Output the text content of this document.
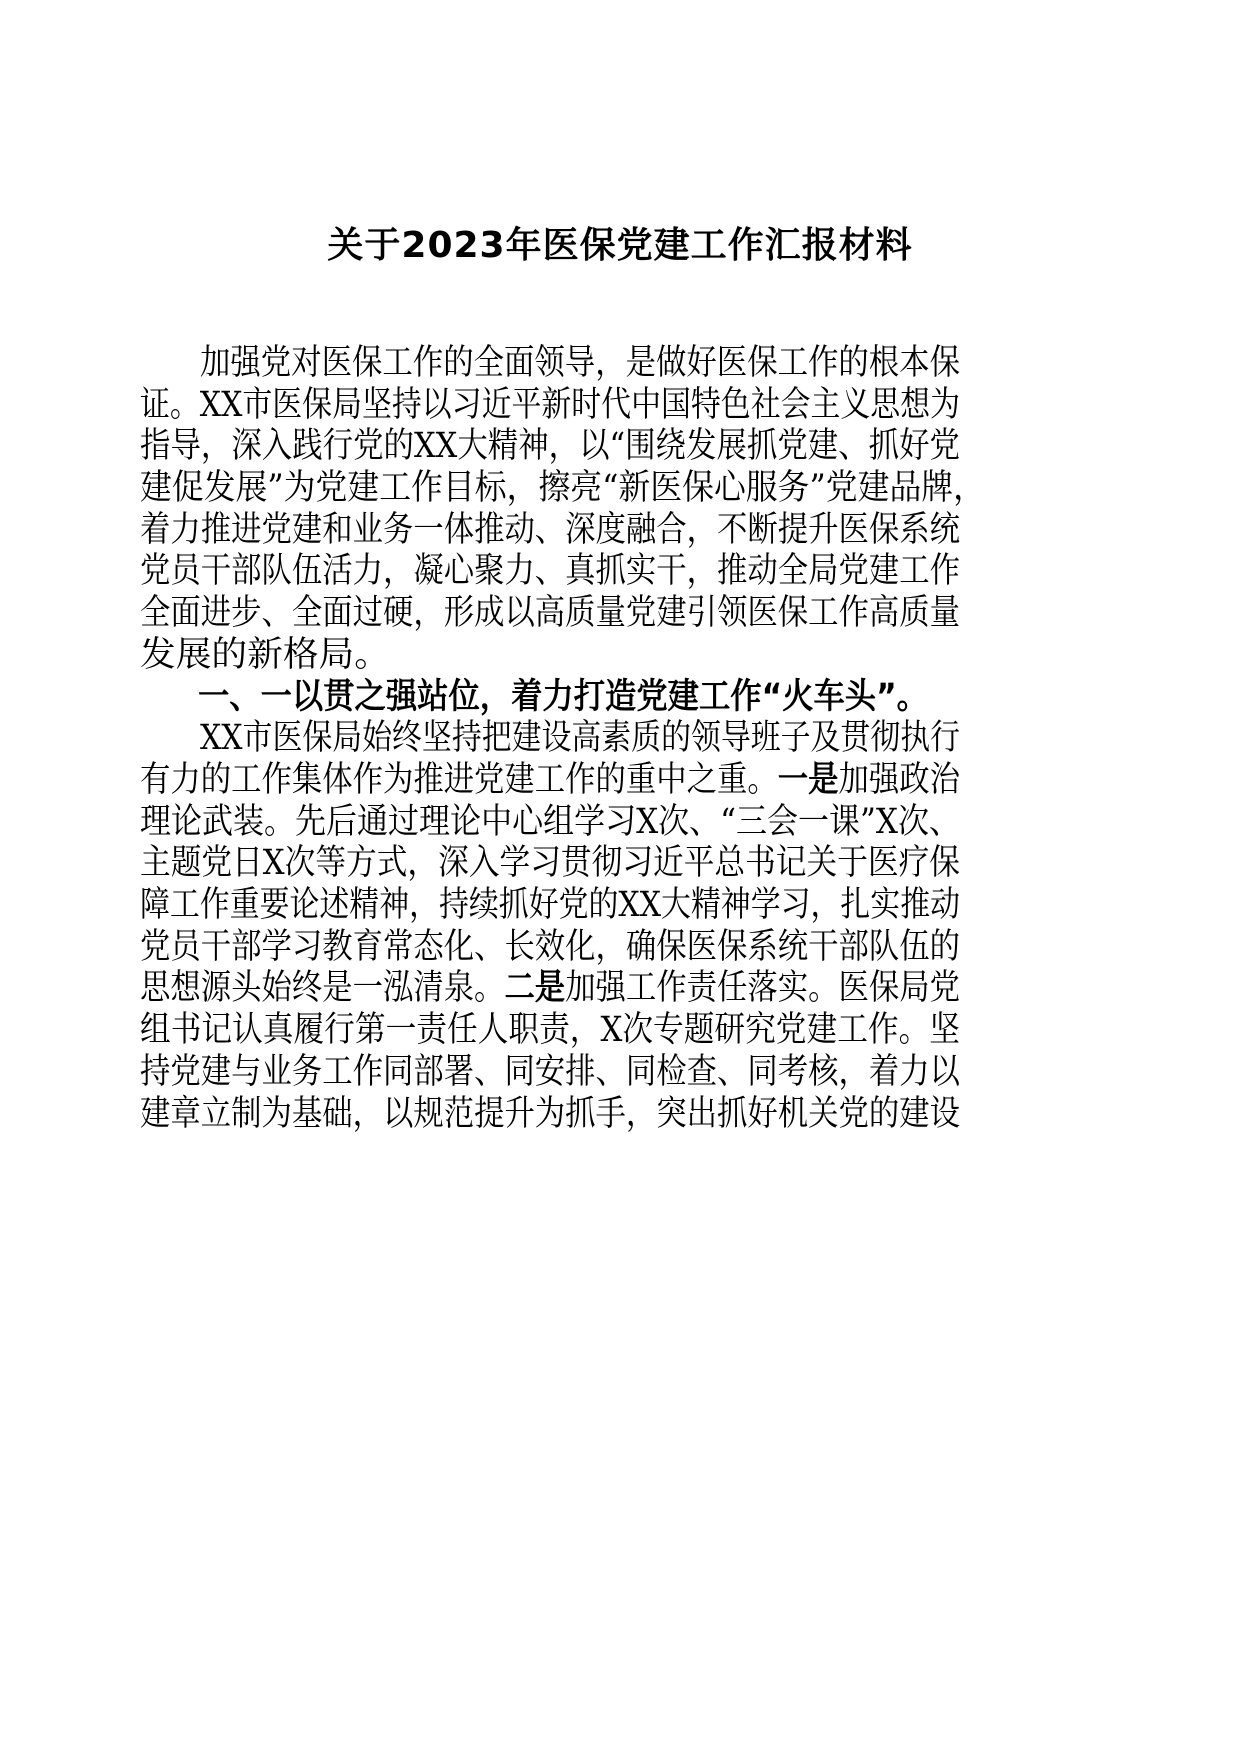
关于2023年医保党建工作汇报材料
加强党对医保工作的全面领导，是做好医保工作的根本保
证。XX市医保局坚持以习近平新时代中国特色社会主义思想为
指导，深入践行党的XX大精神，以“围绕发展抓党建、抓好党
建促发展”为党建工作目标，擦亮“新医保心服务”党建品牌，
着力推进党建和业务一体推动、深度融合，不断提升医保系统
党员干部队伍活力，凝心聚力、真抓实干，推动全局党建工作
全面进步、全面过硬，形成以高质量党建引领医保工作高质量
发展的新格局。
一、一以贯之强站位，着力打造党建工作“火车头”。
XX市医保局始终坚持把建设高素质的领导班子及贯彻执行
有力的工作集体作为推进党建工作的重中之重。一是加强政治
理论武装。先后通过理论中心组学习X次、“三会一课”X次、
主题党日X次等方式，深入学习贯彻习近平总书记关于医疗保
障工作重要论述精神，持续抓好党的XX大精神学习，扎实推动
党员干部学习教育常态化、长效化，确保医保系统干部队伍的
思想源头始终是一泓清泉。二是加强工作责任落实。医保局党
组书记认真履行第一责任人职责，X次专题研究党建工作。坚
持党建与业务工作同部署、同安排、同检查、同考核，着力以
建章立制为基础，以规范提升为抓手，突出抓好机关党的建设
